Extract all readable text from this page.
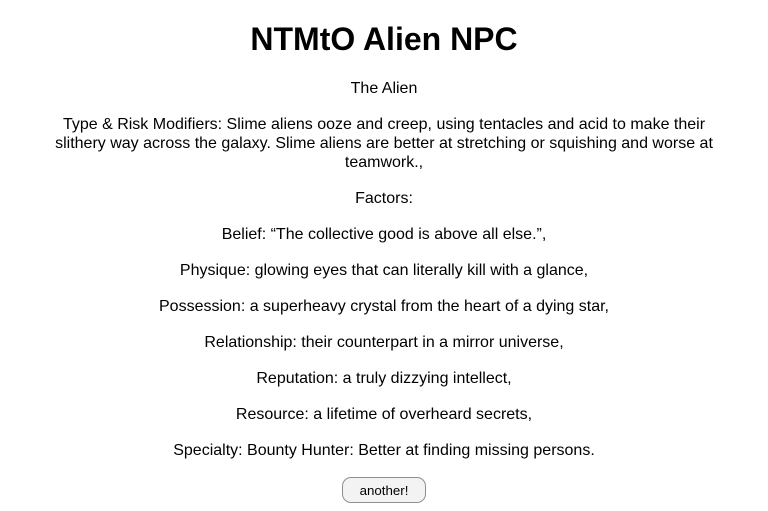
NTMtO Alien NPC

The Alien

Type & Risk Modifiers: Slime aliens ooze and creep, using tentacles and acid to make their slithery way across the galaxy. Slime aliens are better at stretching or squishing and worse at teamwork.,

Factors:

Belief: “The collective good is above all else.”,

Physique: glowing eyes that can literally kill with a glance,

Possession: a superheavy crystal from the heart of a dying star,

Relationship: their counterpart in a mirror universe,

Reputation: a truly dizzying intellect,

Resource: a lifetime of overheard secrets,

Specialty: Bounty Hunter: Better at finding missing persons.

another!
